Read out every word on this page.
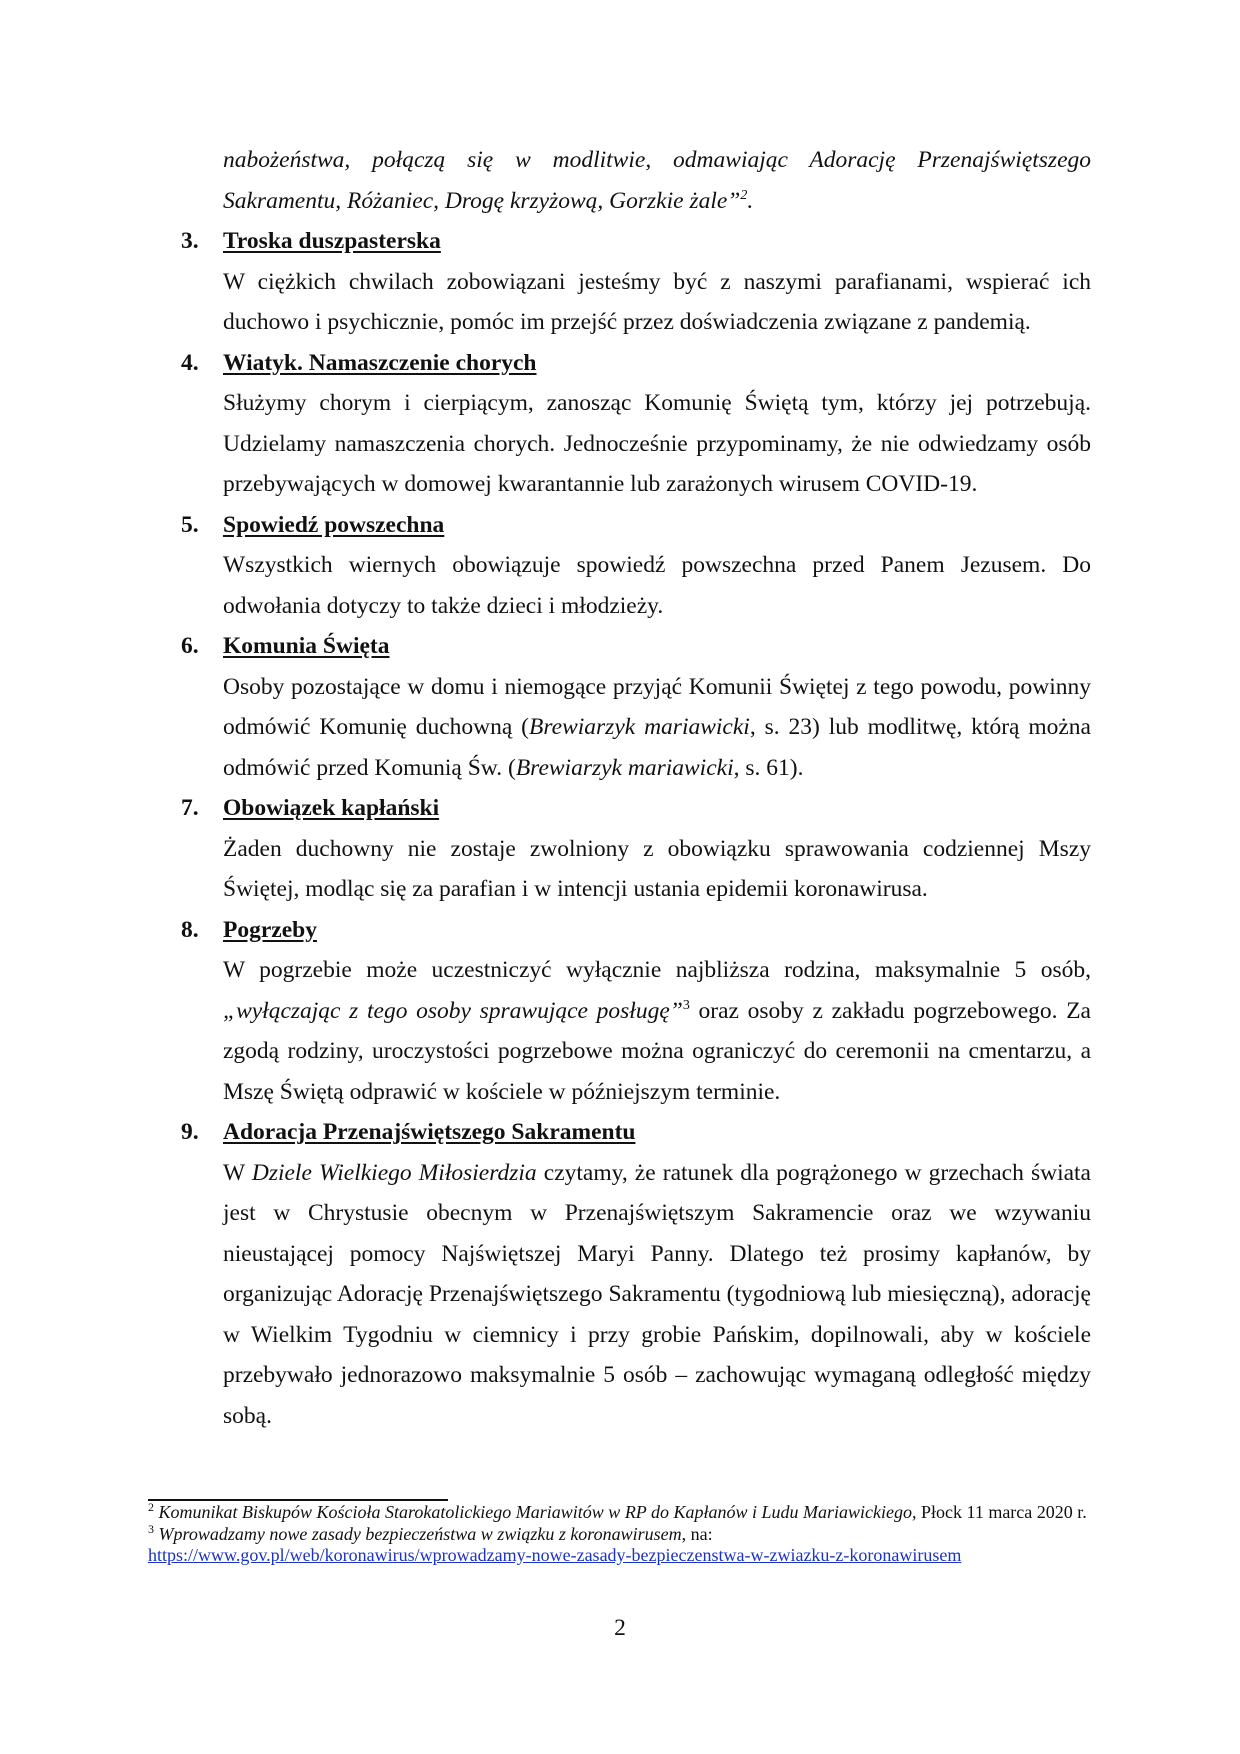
nabożeństwa, połączą się w modlitwie, odmawiając Adorację Przenajświętszego Sakramentu, Różaniec, Drogę krzyżową, Gorzkie żale”$^2$.

3. Troska duszpasterska

W ciężkich chwilach zobowiązani jesteśmy być z naszymi parafianami, wspierać ich duchowo i psychicznie, pomóc im przejść przez doświadczenia związane z pandemią.

4. Wiatyk. Namaszczenie chorych

Służymy chorym i cierpiącym, zanosząc Komunię Świętą tym, którzy jej potrzebują. Udzielamy namaszczenia chorych. Jednocześnie przypominamy, że nie odwiedzamy osób przebywających w domowej kwarantannie lub zarażonych wirusem COVID-19.

5. Spowiedź powszechna

Wszystkich wiernych obowiązuje spowiedź powszechna przed Panem Jezusem. Do odwołania dotyczy to także dzieci i młodzieży.

6. Komunia Święta

Osoby pozostające w domu i niemogące przyjąć Komunii Świętej z tego powodu, powinny odmówić Komunię duchowną (Brewiarzyk mariawicki, s. 23) lub modlitwę, którą można odmówić przed Komunią Św. (Brewiarzyk mariawicki, s. 61).

7. Obowiązek kapłański

Żaden duchowny nie zostaje zwolniony z obowiązku sprawowania codziennej Mszy Świętej, modląc się za parafian i w intencji ustania epidemii koronawirusa.

8. Pogrzeby

W pogrzebie może uczestniczyć wyłącznie najbliższa rodzina, maksymalnie 5 osób, „wyłączając z tego osoby sprawujące posługę”$^3$ oraz osoby z zakładu pogrzebowego. Za zgodą rodziny, uroczystości pogrzebowe można ograniczyć do ceremonii na cmentarzu, a Mszę Świętą odprawić w kościele w późniejszym terminie.

9. Adoracja Przenajświętszego Sakramentu

W Dziele Wielkiego Miłosierdzia czytamy, że ratunek dla pogrążonego w grzechach świata jest w Chrystusie obecnym w Przenajświętszym Sakramencie oraz we wzywaniu nieustającej pomocy Najświętszej Maryi Panny. Dlatego też prosimy kapłanów, by organizując Adorację Przenajświętszego Sakramentu (tygodniową lub miesięczną), adorację w Wielkim Tygodniu w ciemnicy i przy grobie Pańskim, dopilnowali, aby w kościele przebywało jednorazowo maksymalnie 5 osób – zachowując wymaganą odległość między sobą.

$^2$ Komunikat Biskupów Kościoła Starokatolickiego Mariawitów w RP do Kapłanów i Ludu Mariawickiego, Płock 11 marca 2020 r.

$^3$ Wprowadzamy nowe zasady bezpieczeństwa w związku z koronawirusem, na:
https://www.gov.pl/web/koronawirus/wprowadzamy-nowe-zasady-bezpieczenstwa-w-zwiazku-z-koronawirusem

2
